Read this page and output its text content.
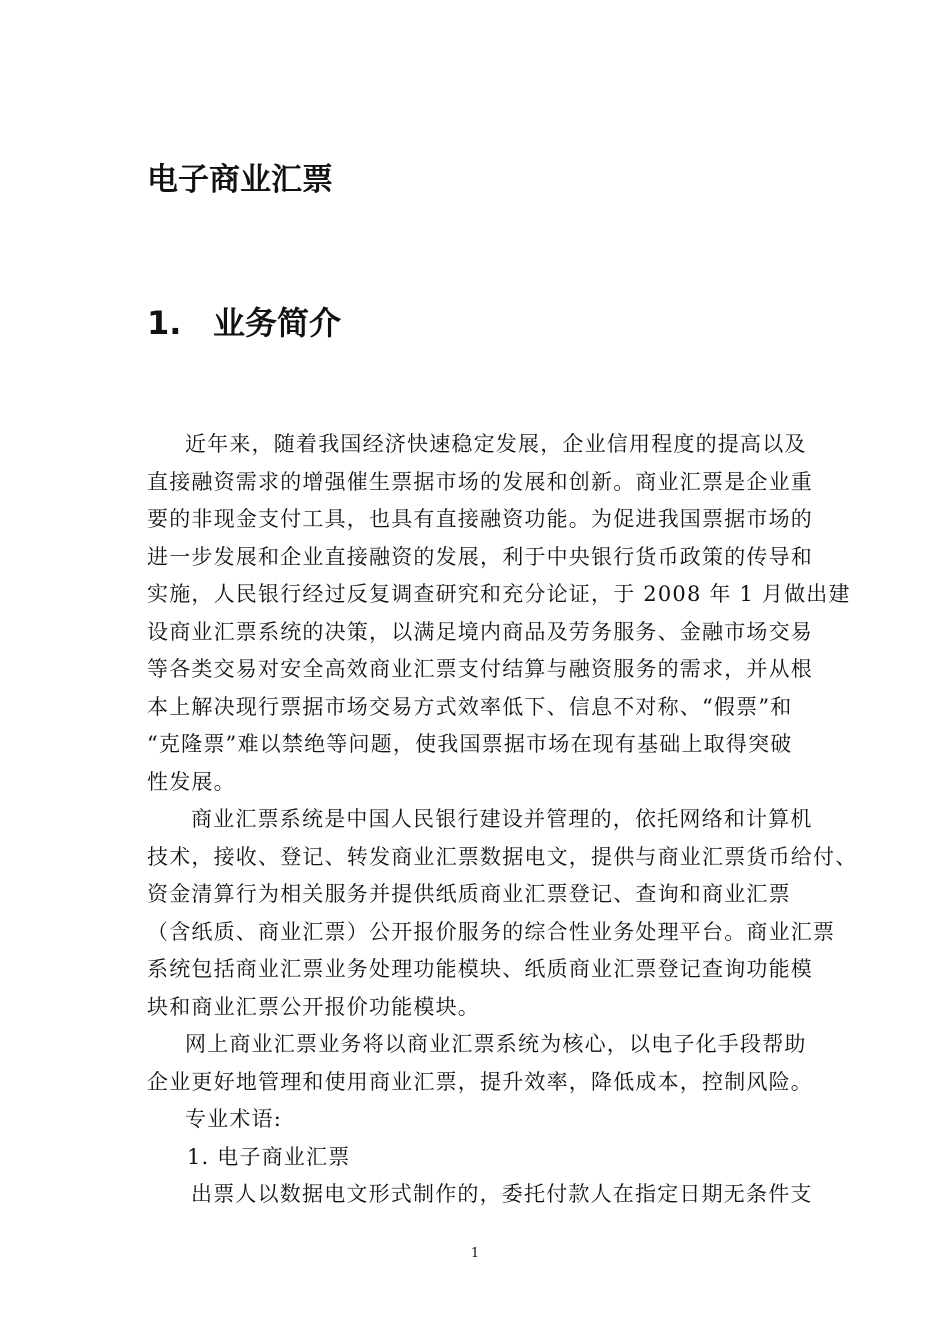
电子商业汇票
1. 业务简介
近年来，随着我国经济快速稳定发展，企业信用程度的提高以及
直接融资需求的增强催生票据市场的发展和创新。商业汇票是企业重
要的非现金支付工具，也具有直接融资功能。为促进我国票据市场的
进一步发展和企业直接融资的发展，利于中央银行货币政策的传导和
实施，人民银行经过反复调查研究和充分论证，于 2008 年 1 月做出建
设商业汇票系统的决策，以满足境内商品及劳务服务、金融市场交易
等各类交易对安全高效商业汇票支付结算与融资服务的需求，并从根
本上解决现行票据市场交易方式效率低下、信息不对称、“假票”和
“克隆票”难以禁绝等问题，使我国票据市场在现有基础上取得突破
性发展。
商业汇票系统是中国人民银行建设并管理的，依托网络和计算机
技术，接收、登记、转发商业汇票数据电文，提供与商业汇票货币给付、
资金清算行为相关服务并提供纸质商业汇票登记、查询和商业汇票
（含纸质、商业汇票）公开报价服务的综合性业务处理平台。商业汇票
系统包括商业汇票业务处理功能模块、纸质商业汇票登记查询功能模
块和商业汇票公开报价功能模块。
网上商业汇票业务将以商业汇票系统为核心，以电子化手段帮助
企业更好地管理和使用商业汇票，提升效率，降低成本，控制风险。
专业术语:
1. 电子商业汇票
出票人以数据电文形式制作的，委托付款人在指定日期无条件支
1
